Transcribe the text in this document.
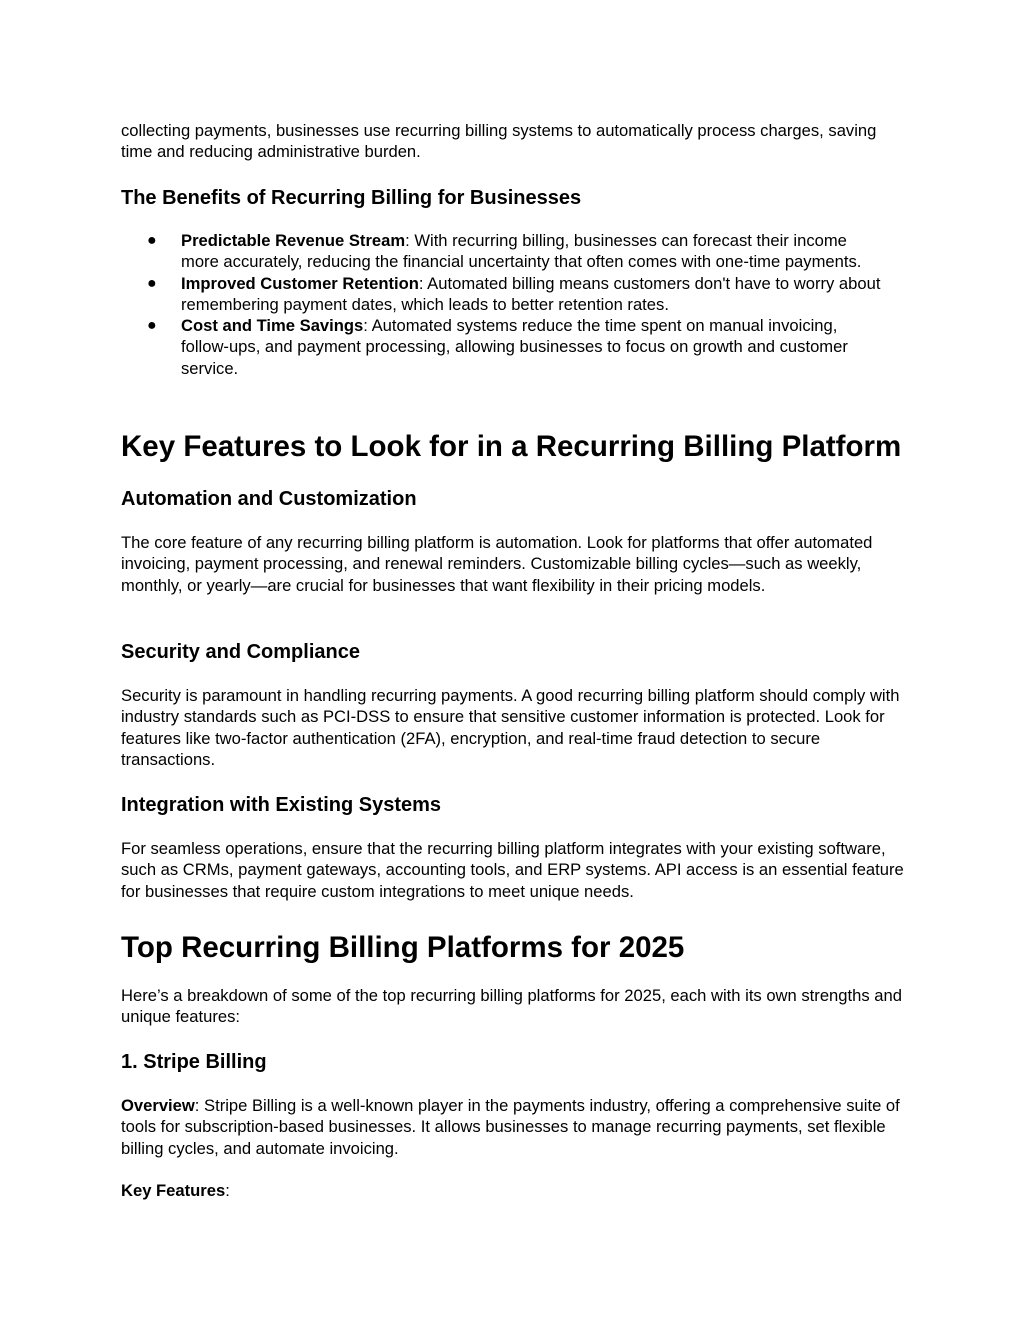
collecting payments, businesses use recurring billing systems to automatically process charges, saving time and reducing administrative burden.

The Benefits of Recurring Billing for Businesses
● Predictable Revenue Stream: With recurring billing, businesses can forecast their income more accurately, reducing the financial uncertainty that often comes with one-time payments.
● Improved Customer Retention: Automated billing means customers don't have to worry about remembering payment dates, which leads to better retention rates.
● Cost and Time Savings: Automated systems reduce the time spent on manual invoicing, follow-ups, and payment processing, allowing businesses to focus on growth and customer service.
Key Features to Look for in a Recurring Billing Platform
Automation and Customization

The core feature of any recurring billing platform is automation. Look for platforms that offer automated invoicing, payment processing, and renewal reminders. Customizable billing cycles—such as weekly, monthly, or yearly—are crucial for businesses that want flexibility in their pricing models.

Security and Compliance

Security is paramount in handling recurring payments. A good recurring billing platform should comply with industry standards such as PCI-DSS to ensure that sensitive customer information is protected. Look for features like two-factor authentication (2FA), encryption, and real-time fraud detection to secure transactions.

Integration with Existing Systems

For seamless operations, ensure that the recurring billing platform integrates with your existing software, such as CRMs, payment gateways, accounting tools, and ERP systems. API access is an essential feature for businesses that require custom integrations to meet unique needs.

Top Recurring Billing Platforms for 2025

Here’s a breakdown of some of the top recurring billing platforms for 2025, each with its own strengths and unique features:

1. Stripe Billing

Overview: Stripe Billing is a well-known player in the payments industry, offering a comprehensive suite of tools for subscription-based businesses. It allows businesses to manage recurring payments, set flexible billing cycles, and automate invoicing.

Key Features:
